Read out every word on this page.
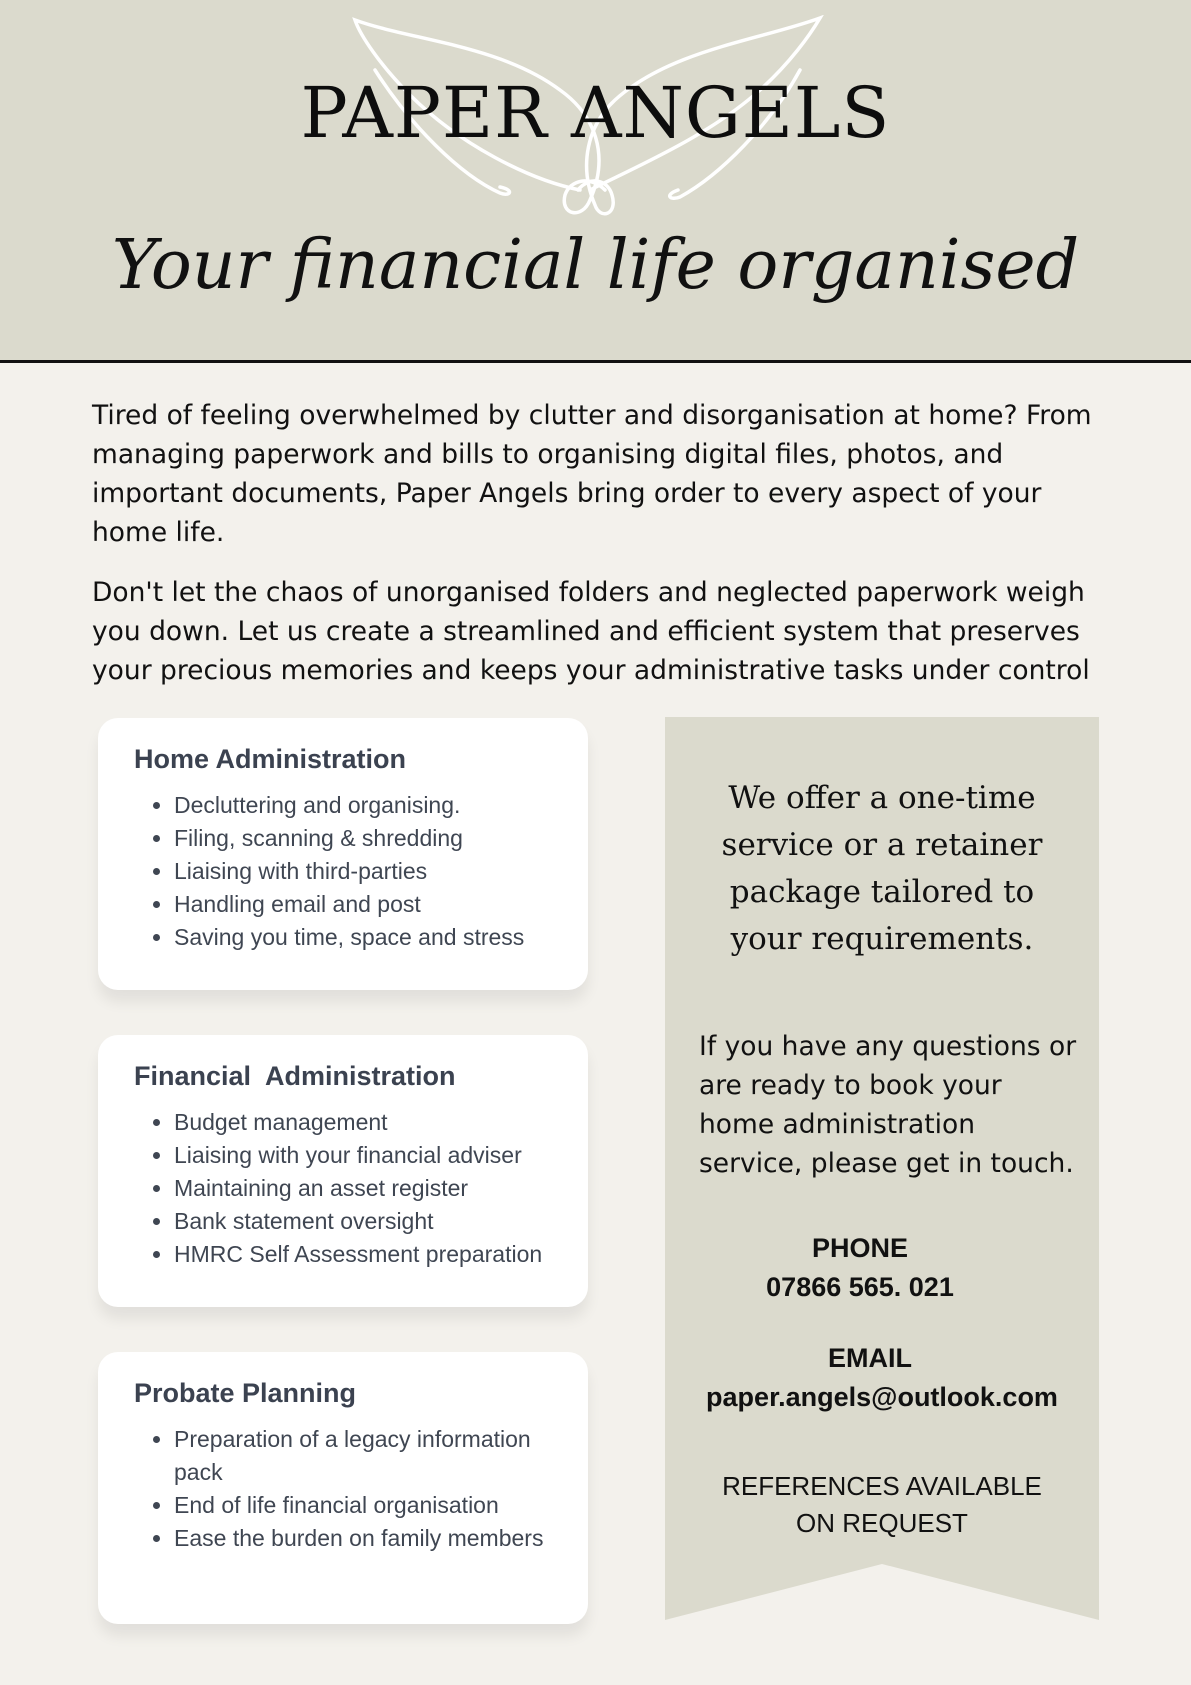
PAPER ANGELS
Your financial life organised

Tired of feeling overwhelmed by clutter and disorganisation at home? From managing paperwork and bills to organising digital files, photos, and important documents, Paper Angels bring order to every aspect of your home life.

Don't let the chaos of unorganised folders and neglected paperwork weigh you down. Let us create a streamlined and efficient system that preserves your precious memories and keeps your administrative tasks under control

Home Administration
• Decluttering and organising.
• Filing, scanning & shredding
• Liaising with third-parties
• Handling email and post
• Saving you time, space and stress
Financial  Administration
• Budget management
• Liaising with your financial adviser
• Maintaining an asset register
• Bank statement oversight
• HMRC Self Assessment preparation
Probate Planning
• Preparation of a legacy information pack
• End of life financial organisation
• Ease the burden on family members
We offer a one-time service or a retainer package tailored to your requirements.
If you have any questions or are ready to book your home administration service, please get in touch.
PHONE
07866 565. 021
EMAIL
paper.angels@outlook.com
REFERENCES AVAILABLE
ON REQUEST
